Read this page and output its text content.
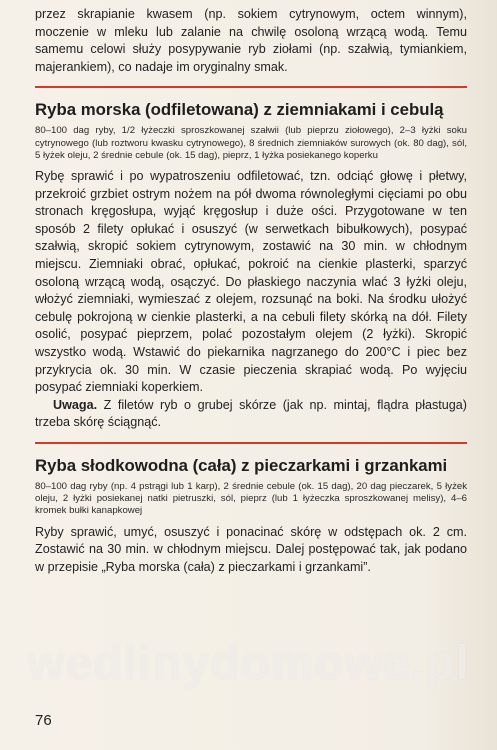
przez skrapianie kwasem (np. sokiem cytrynowym, octem winnym), moczenie w mleku lub zalanie na chwilę osoloną wrzącą wodą. Temu samemu celowi służy posypywanie ryb ziołami (np. szałwią, tymiankiem, majerankiem), co nadaje im oryginalny smak.

Ryba morska (odfiletowana) z ziemniakami i cebulą

80–100 dag ryby, 1/2 łyżeczki sproszkowanej szałwii (lub pieprzu ziołowego), 2–3 łyżki soku cytrynowego (lub roztworu kwasku cytrynowego), 8 średnich ziemniaków surowych (ok. 80 dag), sól, 5 łyżek oleju, 2 średnie cebule (ok. 15 dag), pieprz, 1 łyżka posiekanego koperku

Rybę sprawić i po wypatroszeniu odfiletować, tzn. odciąć głowę i płetwy, przekroić grzbiet ostrym nożem na pół dwoma równoległymi cięciami po obu stronach kręgosłupa, wyjąć kręgosłup i duże ości. Przygotowane w ten sposób 2 filety opłukać i osuszyć (w serwetkach bibułkowych), posypać szałwią, skropić sokiem cytrynowym, zostawić na 30 min. w chłodnym miejscu. Ziemniaki obrać, opłukać, pokroić na cienkie plasterki, sparzyć osoloną wrzącą wodą, osączyć. Do płaskiego naczynia wlać 3 łyżki oleju, włożyć ziemniaki, wymieszać z olejem, rozsunąć na boki. Na środku ułożyć cebulę pokrojoną w cienkie plasterki, a na cebuli filety skórką na dół. Filety osolić, posypać pieprzem, polać pozostałym olejem (2 łyżki). Skropić wszystko wodą. Wstawić do piekarnika nagrzanego do 200°C i piec bez przykrycia ok. 30 min. W czasie pieczenia skrapiać wodą. Po wyjęciu posypać ziemniaki koperkiem.

Uwaga. Z filetów ryb o grubej skórze (jak np. mintaj, flądra płastuga) trzeba skórę ściągnąć.

Ryba słodkowodna (cała) z pieczarkami i grzankami

80–100 dag ryby (np. 4 pstrągi lub 1 karp), 2 średnie cebule (ok. 15 dag), 20 dag pieczarek, 5 łyżek oleju, 2 łyżki posiekanej natki pietruszki, sól, pieprz (lub 1 łyżeczka sproszkowanej melisy), 4–6 kromek bułki kanapkowej

Ryby sprawić, umyć, osuszyć i ponacinać skórę w odstępach ok. 2 cm. Zostawić na 30 min. w chłodnym miejscu. Dalej postępować tak, jak podano w przepisie „Ryba morska (cała) z pieczarkami i grzankami”.

wedlinydomowe.pl
76
